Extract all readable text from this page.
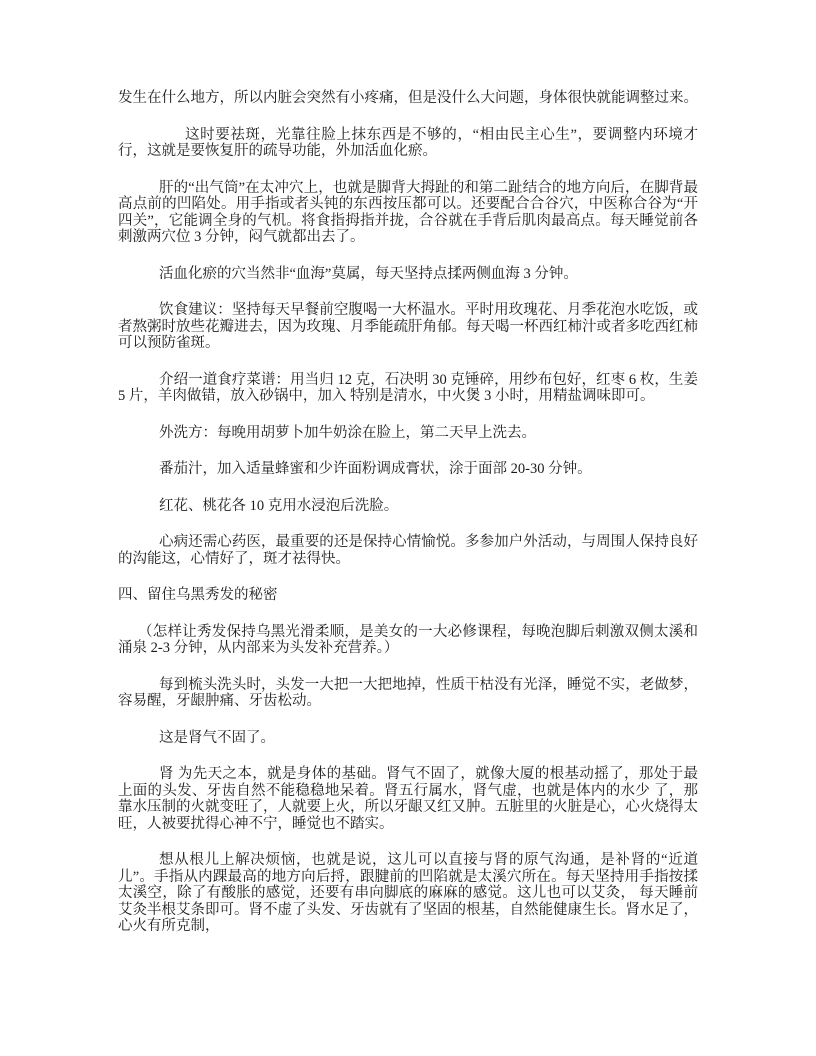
发生在什么地方，所以内脏会突然有小疼痛，但是没什么大问题，身体很快就能调整过来。

这时要祛斑，光靠往脸上抹东西是不够的，“相由民主心生”，要调整内环境才行，这就是要恢复肝的疏导功能，外加活血化瘀。

肝的“出气筒”在太冲穴上，也就是脚背大拇趾的和第二趾结合的地方向后，在脚背最高点前的凹陷处。用手指或者头钝的东西按压都可以。还要配合合谷穴，中医称合谷为“开四关”，它能调全身的气机。将食指拇指并拢，合谷就在手背后肌肉最高点。每天睡觉前各刺激两穴位 3 分钟，闷气就都出去了。

活血化瘀的穴当然非“血海”莫属，每天坚持点揉两侧血海 3 分钟。

饮食建议：坚持每天早餐前空腹喝一大杯温水。平时用玫瑰花、月季花泡水吃饭，或者熬粥时放些花瓣进去，因为玫瑰、月季能疏肝角郁。每天喝一杯西红柿汁或者多吃西红柿可以预防雀斑。

介绍一道食疗菜谱：用当归 12 克，石决明 30 克锤碎，用纱布包好，红枣 6 枚，生姜 5 片，羊肉做错，放入砂锅中，加入 特别是清水，中火煲 3 小时，用精盐调味即可。

外洗方：每晚用胡萝卜加牛奶涂在脸上，第二天早上洗去。

番茄汁，加入适量蜂蜜和少许面粉调成膏状，涂于面部 20-30 分钟。

红花、桃花各 10 克用水浸泡后洗脸。

心病还需心药医，最重要的还是保持心情愉悦。多参加户外活动，与周围人保持良好的沟能这，心情好了，斑才祛得快。

四、留住乌黑秀发的秘密

（怎样让秀发保持乌黑光滑柔顺，是美女的一大必修课程，每晚泡脚后刺激双侧太溪和涌泉 2-3 分钟，从内部来为头发补充营养。）

每到梳头洗头时，头发一大把一大把地掉，性质干枯没有光泽，睡觉不实，老做梦，容易醒，牙龈肿痛、牙齿松动。

这是肾气不固了。

肾 为先天之本，就是身体的基础。肾气不固了，就像大厦的根基动摇了，那处于最上面的头发、牙齿自然不能稳稳地呆着。肾五行属水，肾气虚，也就是体内的水少 了，那靠水压制的火就变旺了，人就要上火，所以牙龈又红又肿。五脏里的火脏是心，心火烧得太旺，人被要扰得心神不宁，睡觉也不踏实。

想从根儿上解决烦恼，也就是说，这儿可以直接与肾的原气沟通，是补肾的“近道儿”。手指从内踝最高的地方向后捋，跟腱前的凹陷就是太溪穴所在。每天坚持用手指按揉太溪空，除了有酸胀的感觉，还要有串向脚底的麻麻的感觉。这儿也可以艾灸， 每天睡前艾灸半根艾条即可。肾不虚了头发、牙齿就有了坚固的根基，自然能健康生长。肾水足了，心火有所克制，
